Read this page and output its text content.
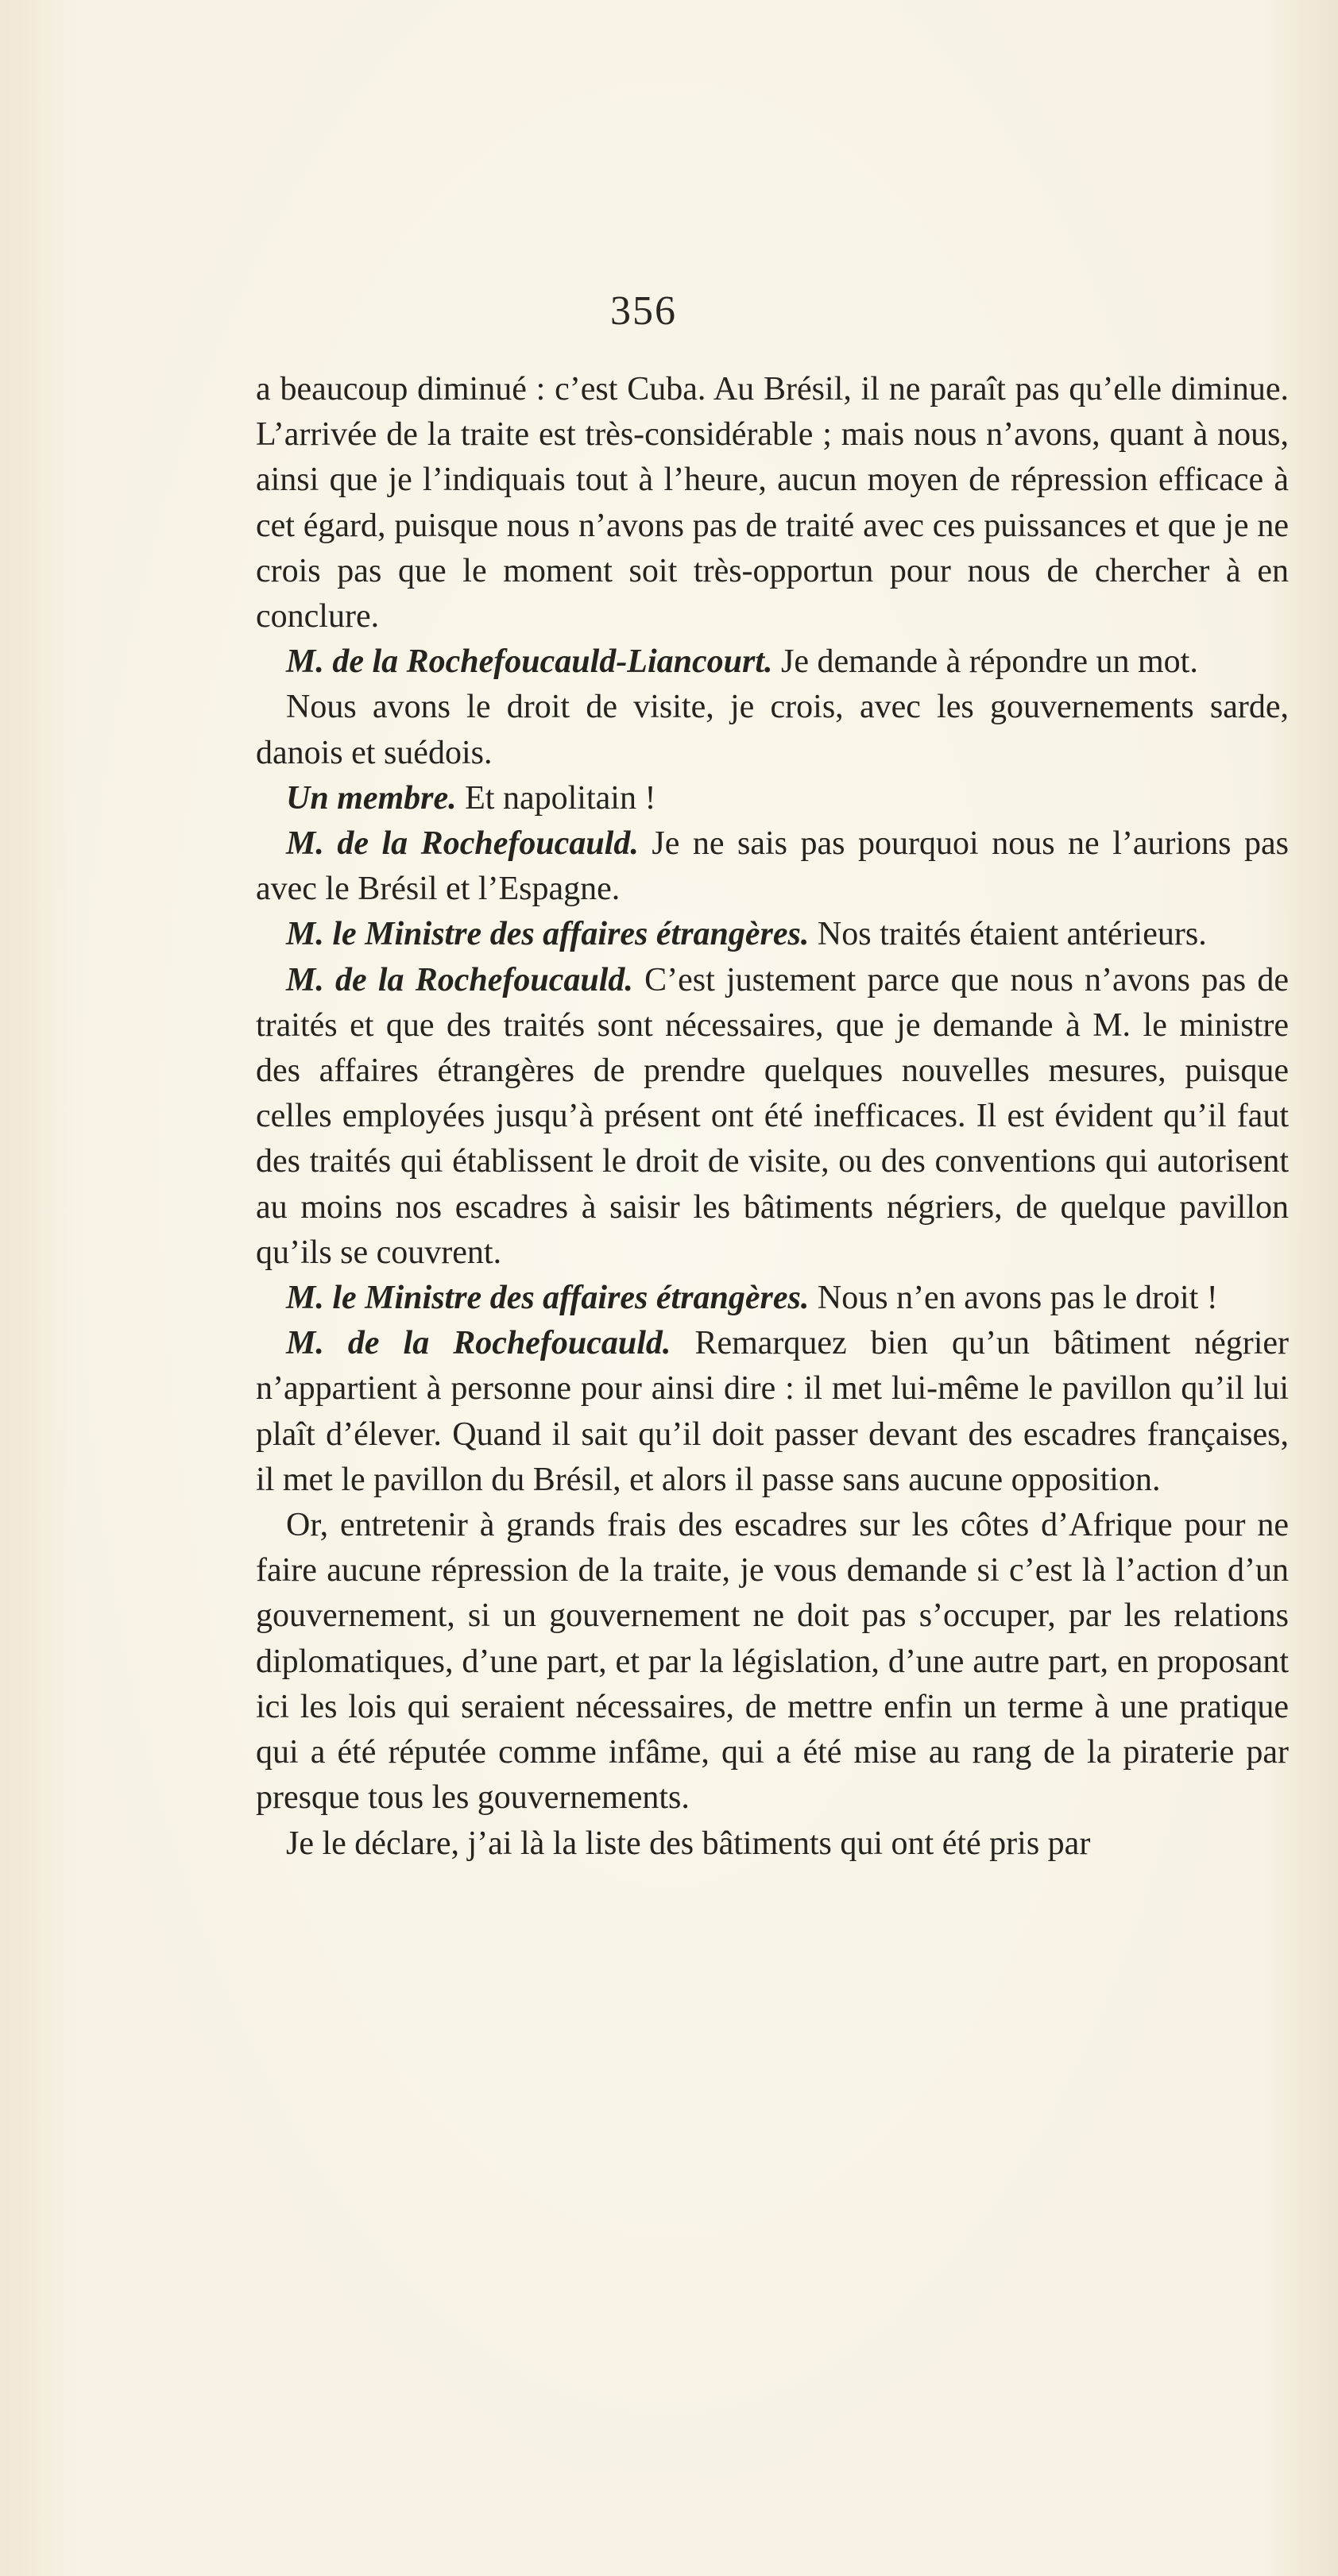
356

a beaucoup diminué : c’est Cuba. Au Brésil, il ne paraît pas qu’elle diminue. L’arrivée de la traite est très-considérable ; mais nous n’avons, quant à nous, ainsi que je l’indiquais tout à l’heure, aucun moyen de répression efficace à cet égard, puisque nous n’avons pas de traité avec ces puissances et que je ne crois pas que le moment soit très-opportun pour nous de chercher à en conclure.

M. de la Rochefoucauld-Liancourt. Je demande à répondre un mot.

Nous avons le droit de visite, je crois, avec les gouvernements sarde, danois et suédois.

Un membre. Et napolitain !

M. de la Rochefoucauld. Je ne sais pas pourquoi nous ne l’aurions pas avec le Brésil et l’Espagne.

M. le Ministre des affaires étrangères. Nos traités étaient antérieurs.

M. de la Rochefoucauld. C’est justement parce que nous n’avons pas de traités et que des traités sont nécessaires, que je demande à M. le ministre des affaires étrangères de prendre quelques nouvelles mesures, puisque celles employées jusqu’à présent ont été inefficaces. Il est évident qu’il faut des traités qui établissent le droit de visite, ou des conventions qui autorisent au moins nos escadres à saisir les bâtiments négriers, de quelque pavillon qu’ils se couvrent.

M. le Ministre des affaires étrangères. Nous n’en avons pas le droit !

M. de la Rochefoucauld. Remarquez bien qu’un bâtiment négrier n’appartient à personne pour ainsi dire : il met lui-même le pavillon qu’il lui plaît d’élever. Quand il sait qu’il doit passer devant des escadres françaises, il met le pavillon du Brésil, et alors il passe sans aucune opposition.

Or, entretenir à grands frais des escadres sur les côtes d’Afrique pour ne faire aucune répression de la traite, je vous demande si c’est là l’action d’un gouvernement, si un gouvernement ne doit pas s’occuper, par les relations diplomatiques, d’une part, et par la législation, d’une autre part, en proposant ici les lois qui seraient nécessaires, de mettre enfin un terme à une pratique qui a été réputée comme infâme, qui a été mise au rang de la piraterie par presque tous les gouvernements.

Je le déclare, j’ai là la liste des bâtiments qui ont été pris par
